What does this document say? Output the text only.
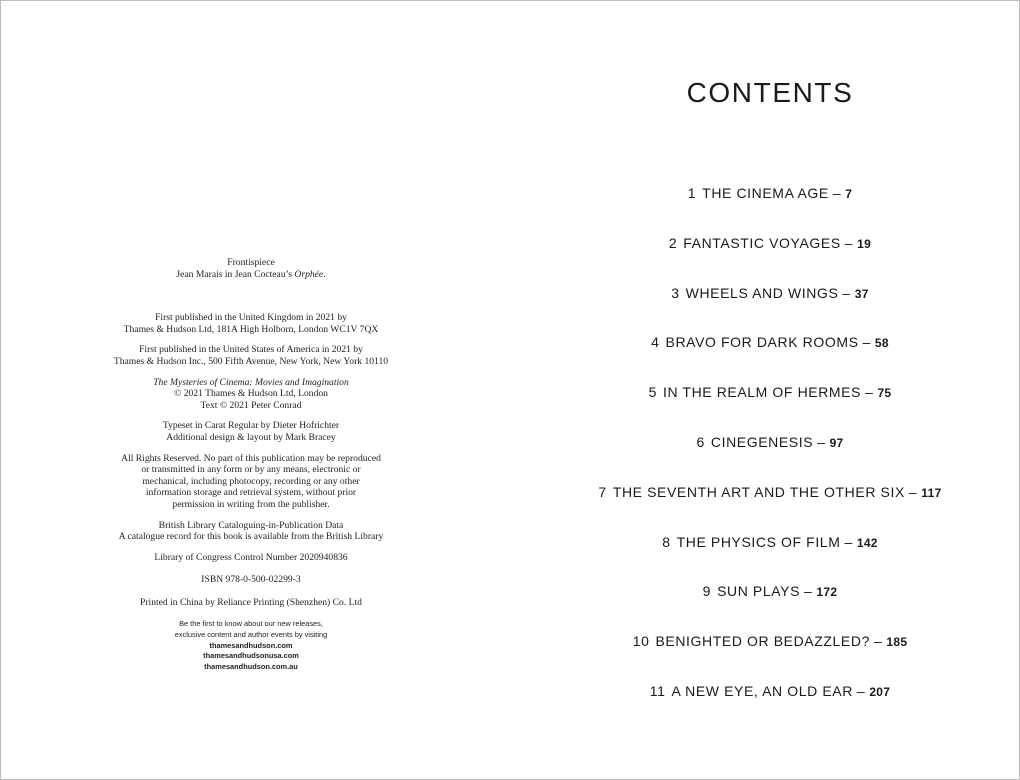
Frontispiece
Jean Marais in Jean Cocteau’s Orphée.

First published in the United Kingdom in 2021 by
Thames & Hudson Ltd, 181A High Holborn, London WC1V 7QX

First published in the United States of America in 2021 by
Thames & Hudson Inc., 500 Fifth Avenue, New York, New York 10110

The Mysteries of Cinema: Movies and Imagination
© 2021 Thames & Hudson Ltd, London
Text © 2021 Peter Conrad

Typeset in Carat Regular by Dieter Hofrichter
Additional design & layout by Mark Bracey

All Rights Reserved. No part of this publication may be reproduced
or transmitted in any form or by any means, electronic or
mechanical, including photocopy, recording or any other
information storage and retrieval system, without prior
permission in writing from the publisher.

British Library Cataloguing-in-Publication Data
A catalogue record for this book is available from the British Library

Library of Congress Control Number 2020940836

ISBN 978-0-500-02299-3

Printed in China by Reliance Printing (Shenzhen) Co. Ltd

Be the first to know about our new releases,
exclusive content and author events by visiting
thamesandhudson.com
thamesandhudsonusa.com
thamesandhudson.com.au

CONTENTS
1 THE CINEMA AGE – 7
2 FANTASTIC VOYAGES – 19
3 WHEELS AND WINGS – 37
4 BRAVO FOR DARK ROOMS – 58
5 IN THE REALM OF HERMES – 75
6 CINEGENESIS – 97
7 THE SEVENTH ART AND THE OTHER SIX – 117
8 THE PHYSICS OF FILM – 142
9 SUN PLAYS – 172
10 BENIGHTED OR BEDAZZLED? – 185
11 A NEW EYE, AN OLD EAR – 207
